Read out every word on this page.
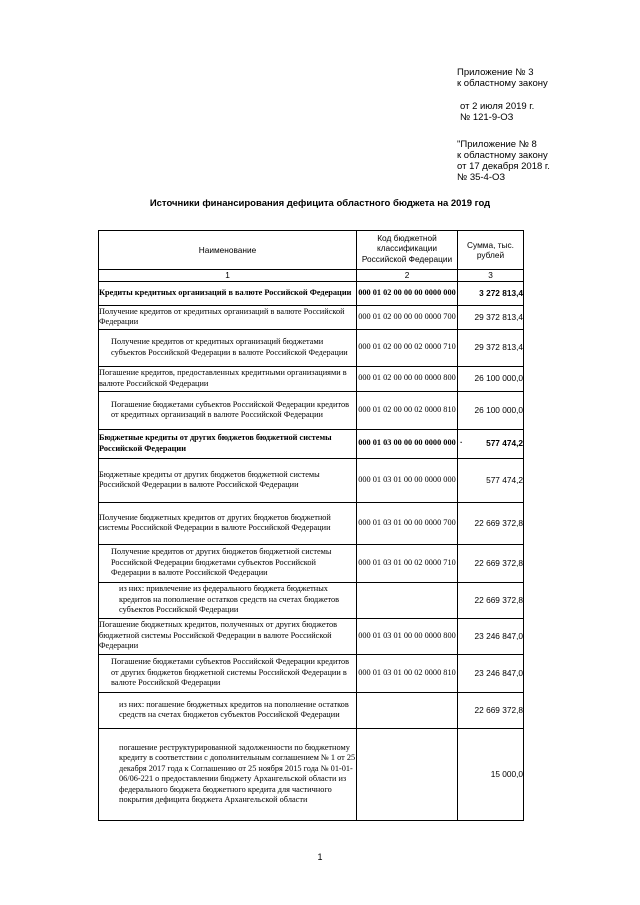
Приложение № 3
к областному закону
от 2 июля 2019 г.
№ 121-9-ОЗ
"Приложение № 8
к областному закону
от 17 декабря 2018 г.
№ 35-4-ОЗ
Источники финансирования дефицита областного бюджета на 2019 год
Наименование	Код бюджетной классификации Российской Федерации	Сумма, тыс. рублей
1	2	3
Кредиты кредитных организаций в валюте Российской Федерации	000 01 02 00 00 00 0000 000	3 272 813,4
Получение кредитов от кредитных организаций в валюте Российской Федерации	000 01 02 00 00 00 0000 700	29 372 813,4
Получение кредитов от кредитных организаций бюджетами субъектов Российской Федерации в валюте Российской Федерации	000 01 02 00 00 02 0000 710	29 372 813,4
Погашение кредитов, предоставленных кредитными организациями в валюте Российской Федерации	000 01 02 00 00 00 0000 800	26 100 000,0
Погашение бюджетами субъектов Российской Федерации кредитов от кредитных организаций в валюте Российской Федерации	000 01 02 00 00 02 0000 810	26 100 000,0
Бюджетные кредиты от других бюджетов бюджетной системы Российской Федерации	000 01 03 00 00 00 0000 000	· 577 474,2
Бюджетные кредиты от других бюджетов бюджетной системы Российской Федерации в валюте Российской Федерации	000 01 03 01 00 00 0000 000	577 474,2
Получение бюджетных кредитов от других бюджетов бюджетной системы Российской Федерации в валюте Российской Федерации	000 01 03 01 00 00 0000 700	22 669 372,8
Получение кредитов от других бюджетов бюджетной системы Российской Федерации бюджетами субъектов Российской Федерации в валюте Российской Федерации	000 01 03 01 00 02 0000 710	22 669 372,8
из них: привлечение из федерального бюджета бюджетных кредитов на пополнение остатков средств на счетах бюджетов субъектов Российской Федерации		22 669 372,8
Погашение бюджетных кредитов, полученных от других бюджетов бюджетной системы Российской Федерации в валюте Российской Федерации	000 01 03 01 00 00 0000 800	23 246 847,0
Погашение бюджетами субъектов Российской Федерации кредитов от других бюджетов бюджетной системы Российской Федерации в валюте Российской Федерации	000 01 03 01 00 02 0000 810	23 246 847,0
из них: погашение бюджетных кредитов на пополнение остатков средств на счетах бюджетов субъектов Российской Федерации		22 669 372,8
погашение реструктурированной задолженности по бюджетному кредиту в соответствии с дополнительным соглашением № 1 от 25 декабря 2017 года к Соглашению от 25 ноября 2015 года № 01-01-06/06-221 о предоставлении бюджету Архангельской области из федерального бюджета бюджетного кредита для частичного покрытия дефицита бюджета Архангельской области		15 000,0
1
